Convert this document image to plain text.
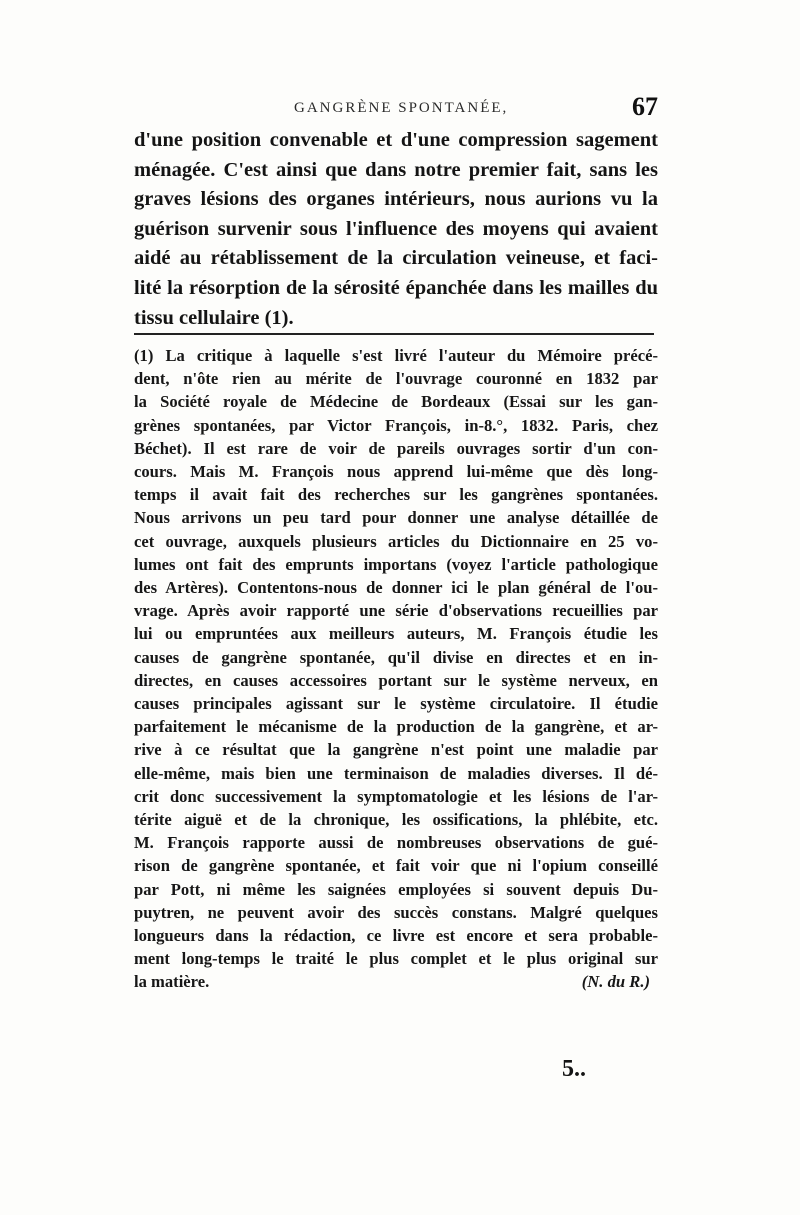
GANGRÈNE SPONTANÉE,	67
d'une position convenable et d'une compression sagement
ménagée. C'est ainsi que dans notre premier fait, sans les
graves lésions des organes intérieurs, nous aurions vu la
guérison survenir sous l'influence des moyens qui avaient
aidé au rétablissement de la circulation veineuse, et faci-
lité la résorption de la sérosité épanchée dans les mailles du
tissu cellulaire (1).
(1) La critique à laquelle s'est livré l'auteur du Mémoire précé-
dent, n'ôte rien au mérite de l'ouvrage couronné en 1832 par
la Société royale de Médecine de Bordeaux (Essai sur les gan-
grènes spontanées, par Victor François, in-8.°, 1832. Paris, chez
Béchet). Il est rare de voir de pareils ouvrages sortir d'un con-
cours. Mais M. François nous apprend lui-même que dès long-
temps il avait fait des recherches sur les gangrènes spontanées.
Nous arrivons un peu tard pour donner une analyse détaillée de
cet ouvrage, auxquels plusieurs articles du Dictionnaire en 25 vo-
lumes ont fait des emprunts importans (voyez l'article pathologique
des Artères). Contentons-nous de donner ici le plan général de l'ou-
vrage. Après avoir rapporté une série d'observations recueillies par
lui ou empruntées aux meilleurs auteurs, M. François étudie les
causes de gangrène spontanée, qu'il divise en directes et en in-
directes, en causes accessoires portant sur le système nerveux, en
causes principales agissant sur le système circulatoire. Il étudie
parfaitement le mécanisme de la production de la gangrène, et ar-
rive à ce résultat que la gangrène n'est point une maladie par
elle-même, mais bien une terminaison de maladies diverses. Il dé-
crit donc successivement la symptomatologie et les lésions de l'ar-
térite aiguë et de la chronique, les ossifications, la phlébite, etc.
M. François rapporte aussi de nombreuses observations de gué-
rison de gangrène spontanée, et fait voir que ni l'opium conseillé
par Pott, ni même les saignées employées si souvent depuis Du-
puytren, ne peuvent avoir des succès constans. Malgré quelques
longueurs dans la rédaction, ce livre est encore et sera probable-
ment long-temps le traité le plus complet et le plus original sur
la matière.	(N. du R.)
5..
